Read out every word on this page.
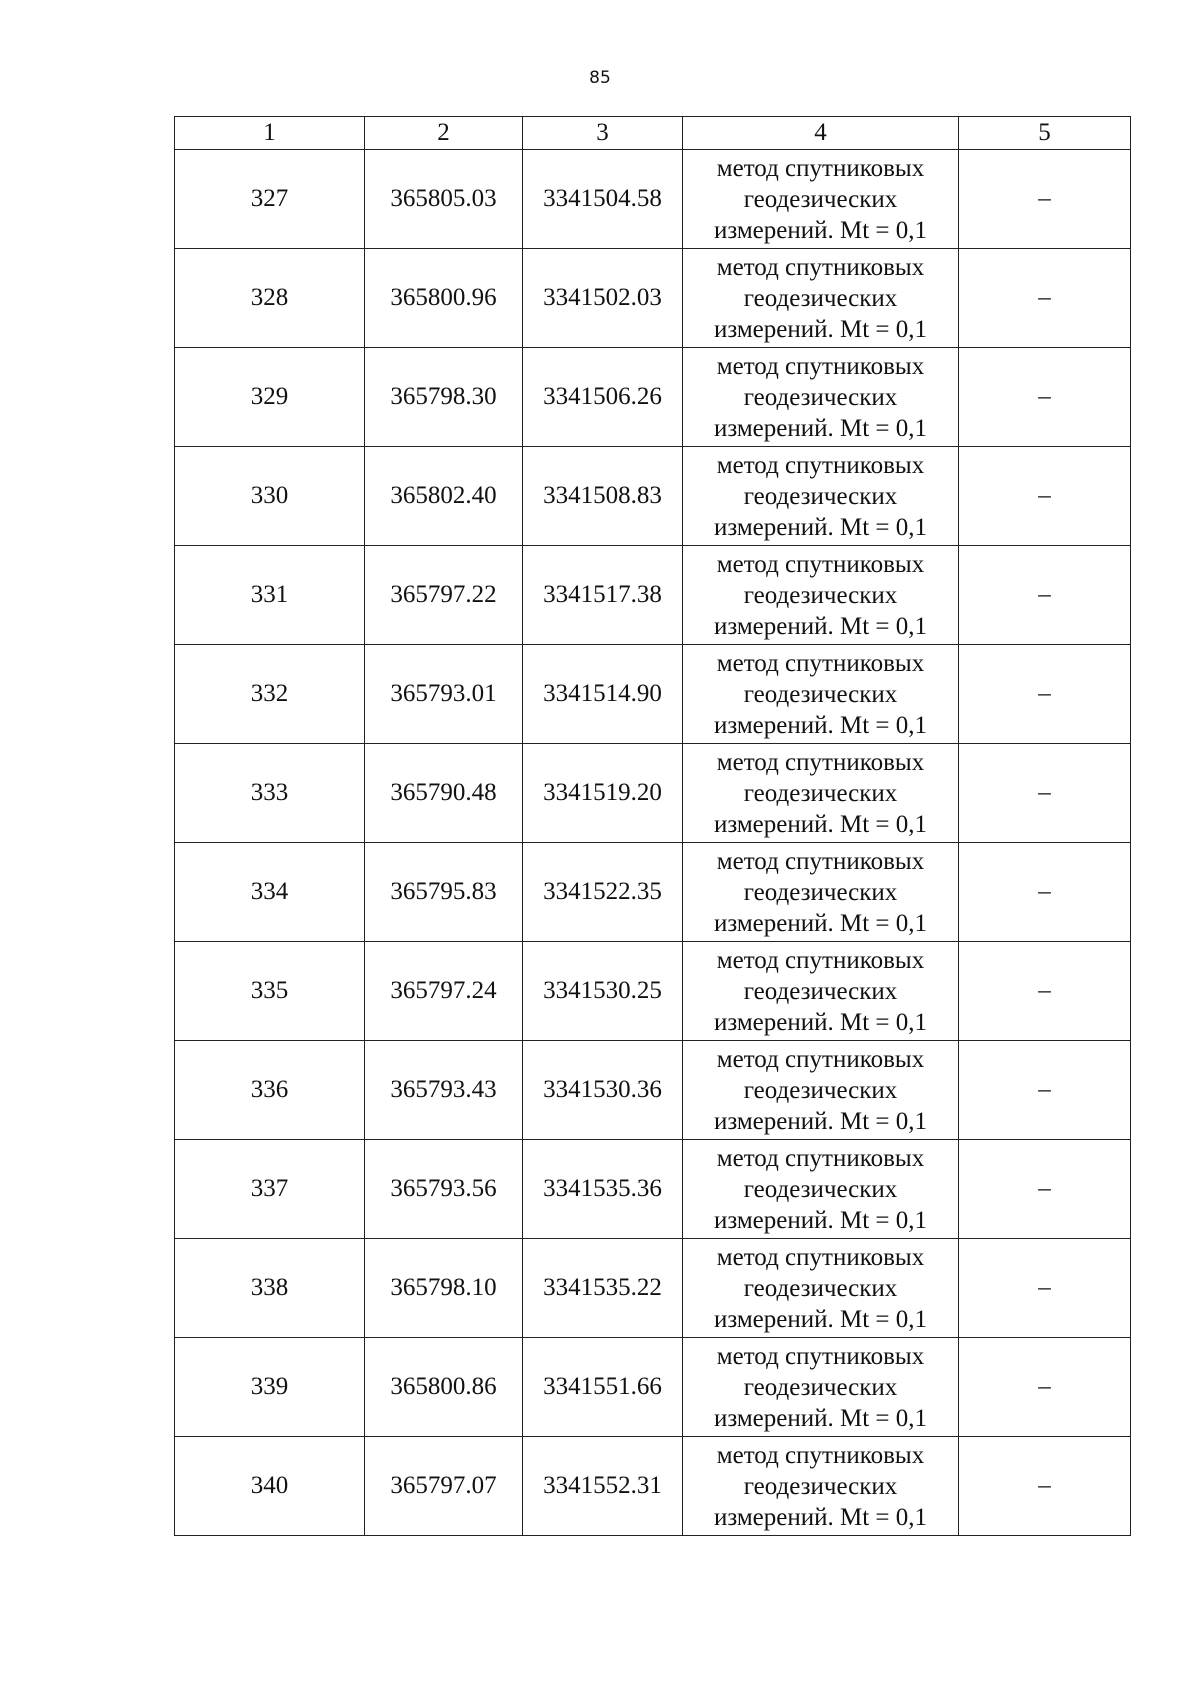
85
1	2	3	4	5
327	365805.03	3341504.58	метод спутниковых
геодезических
измерений. Mt = 0,1	–
328	365800.96	3341502.03	метод спутниковых
геодезических
измерений. Mt = 0,1	–
329	365798.30	3341506.26	метод спутниковых
геодезических
измерений. Mt = 0,1	–
330	365802.40	3341508.83	метод спутниковых
геодезических
измерений. Mt = 0,1	–
331	365797.22	3341517.38	метод спутниковых
геодезических
измерений. Mt = 0,1	–
332	365793.01	3341514.90	метод спутниковых
геодезических
измерений. Mt = 0,1	–
333	365790.48	3341519.20	метод спутниковых
геодезических
измерений. Mt = 0,1	–
334	365795.83	3341522.35	метод спутниковых
геодезических
измерений. Mt = 0,1	–
335	365797.24	3341530.25	метод спутниковых
геодезических
измерений. Mt = 0,1	–
336	365793.43	3341530.36	метод спутниковых
геодезических
измерений. Mt = 0,1	–
337	365793.56	3341535.36	метод спутниковых
геодезических
измерений. Mt = 0,1	–
338	365798.10	3341535.22	метод спутниковых
геодезических
измерений. Mt = 0,1	–
339	365800.86	3341551.66	метод спутниковых
геодезических
измерений. Mt = 0,1	–
340	365797.07	3341552.31	метод спутниковых
геодезических
измерений. Mt = 0,1	–
